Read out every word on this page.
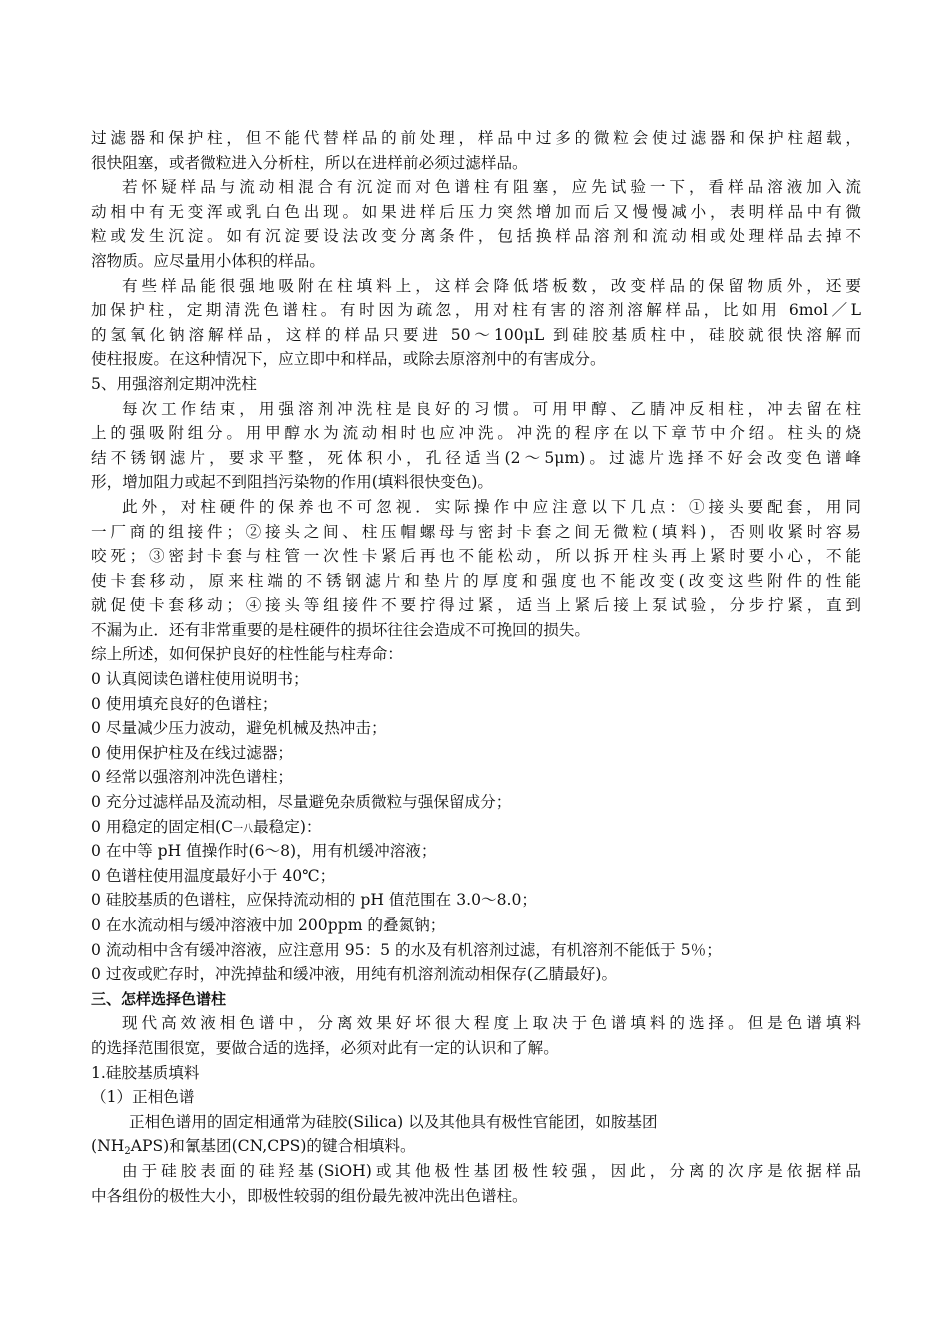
过滤器和保护柱，但不能代替样品的前处理，样品中过多的微粒会使过滤器和保护柱超载，
很快阻塞，或者微粒进入分析柱，所以在进样前必须过滤样品。
若怀疑样品与流动相混合有沉淀而对色谱柱有阻塞，应先试验一下，看样品溶液加入流
动相中有无变浑或乳白色出现。如果进样后压力突然增加而后又慢慢减小，表明样品中有微
粒或发生沉淀。如有沉淀要设法改变分离条件，包括换样品溶剂和流动相或处理样品去掉不
溶物质。应尽量用小体积的样品。
有些样品能很强地吸附在柱填料上，这样会降低塔板数，改变样品的保留物质外，还要
加保护柱，定期清洗色谱柱。有时因为疏忽，用对柱有害的溶剂溶解样品，比如用 6mol／L
的氢氧化钠溶解样品，这样的样品只要进 50～100μL 到硅胶基质柱中，硅胶就很快溶解而
使柱报废。在这种情况下，应立即中和样品，或除去原溶剂中的有害成分。
5、用强溶剂定期冲洗柱
每次工作结束，用强溶剂冲洗柱是良好的习惯。可用甲醇、乙腈冲反相柱，冲去留在柱
上的强吸附组分。用甲醇水为流动相时也应冲洗。冲洗的程序在以下章节中介绍。柱头的烧
结不锈钢滤片，要求平整，死体积小，孔径适当(2～5μm)。过滤片选择不好会改变色谱峰
形，增加阻力或起不到阻挡污染物的作用(填料很快变色)。
此外，对柱硬件的保养也不可忽视．实际操作中应注意以下几点：①接头要配套，用同
一厂商的组接件；②接头之间、柱压帽螺母与密封卡套之间无微粒(填料)，否则收紧时容易
咬死；③密封卡套与柱管一次性卡紧后再也不能松动，所以拆开柱头再上紧时要小心，不能
使卡套移动，原来柱端的不锈钢滤片和垫片的厚度和强度也不能改变(改变这些附件的性能
就促使卡套移动；④接头等组接件不要拧得过紧，适当上紧后接上泵试验，分步拧紧，直到
不漏为止．还有非常重要的是柱硬件的损坏往往会造成不可挽回的损失。
综上所述，如何保护良好的柱性能与柱寿命：
0 认真阅读色谱柱使用说明书；
0 使用填充良好的色谱柱；
0 尽量减少压力波动，避免机械及热冲击；
0 使用保护柱及在线过滤器；
0 经常以强溶剂冲洗色谱柱；
0 充分过滤样品及流动相，尽量避免杂质微粒与强保留成分；
0 用稳定的固定相(C一八最稳定)：
0 在中等 pH 值操作时(6～8)，用有机缓冲溶液；
0 色谱柱使用温度最好小于 40℃；
0 硅胶基质的色谱柱，应保持流动相的 pH 值范围在 3.0～8.0；
0 在水流动相与缓冲溶液中加 200ppm 的叠氮钠；
0 流动相中含有缓冲溶液，应注意用 95：5 的水及有机溶剂过滤，有机溶剂不能低于 5％；
0 过夜或贮存时，冲洗掉盐和缓冲液，用纯有机溶剂流动相保存(乙腈最好)。
三、怎样选择色谱柱
现代高效液相色谱中，分离效果好坏很大程度上取决于色谱填料的选择。但是色谱填料
的选择范围很宽，要做合适的选择，必须对此有一定的认识和了解。
1.硅胶基质填料
（1）正相色谱
正相色谱用的固定相通常为硅胶(Silica) 以及其他具有极性官能团，如胺基团
(NH2APS)和氰基团(CN,CPS)的键合相填料。
由于硅胶表面的硅羟基(SiOH)或其他极性基团极性较强，因此，分离的次序是依据样品
中各组份的极性大小，即极性较弱的组份最先被冲洗出色谱柱。
